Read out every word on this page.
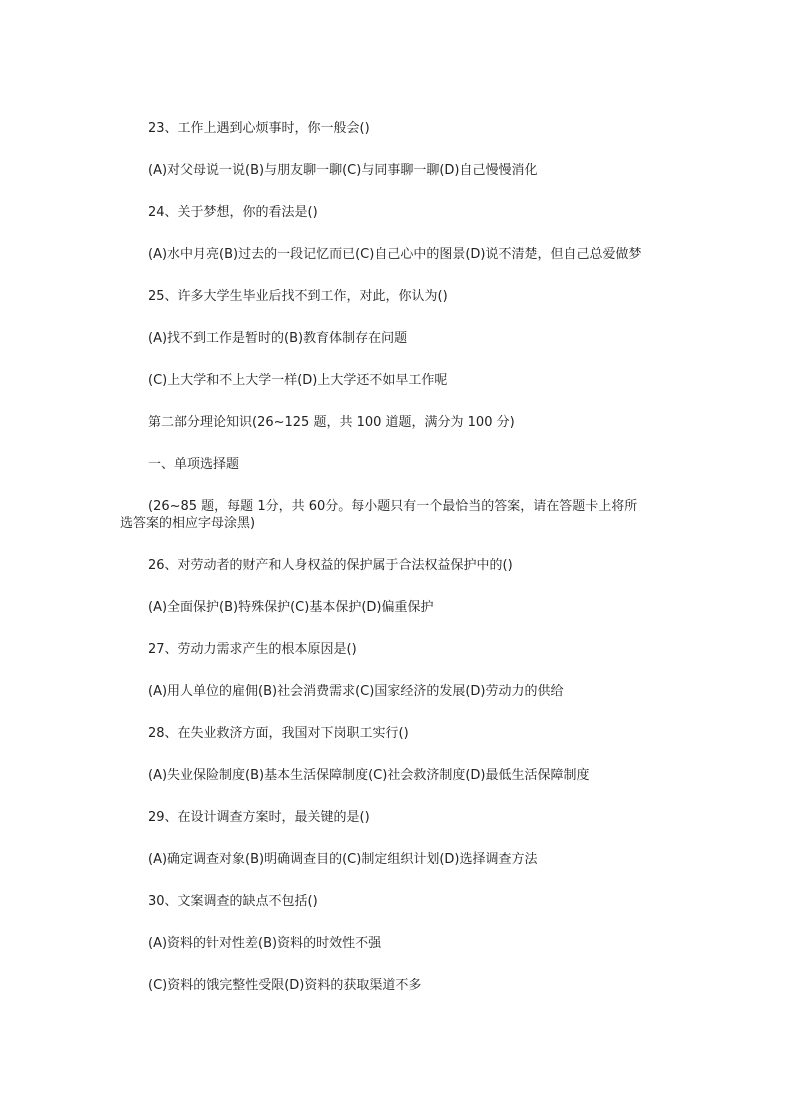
23、工作上遇到心烦事时，你一般会()

(A)对父母说一说(B)与朋友聊一聊(C)与同事聊一聊(D)自己慢慢消化

24、关于梦想，你的看法是()

(A)水中月亮(B)过去的一段记忆而已(C)自己心中的图景(D)说不清楚，但自己总爱做梦

25、许多大学生毕业后找不到工作，对此，你认为()

(A)找不到工作是暂时的(B)教育体制存在问题

(C)上大学和不上大学一样(D)上大学还不如早工作呢

第二部分理论知识(26~125 题，共 100 道题，满分为 100 分)

一、单项选择题

(26~85 题，每题 1分，共 60分。每小题只有一个最恰当的答案，请在答题卡上将所选答案的相应字母涂黑)

26、对劳动者的财产和人身权益的保护属于合法权益保护中的()

(A)全面保护(B)特殊保护(C)基本保护(D)偏重保护

27、劳动力需求产生的根本原因是()

(A)用人单位的雇佣(B)社会消费需求(C)国家经济的发展(D)劳动力的供给

28、在失业救济方面，我国对下岗职工实行()

(A)失业保险制度(B)基本生活保障制度(C)社会救济制度(D)最低生活保障制度

29、在设计调查方案时，最关键的是()

(A)确定调查对象(B)明确调查目的(C)制定组织计划(D)选择调查方法

30、文案调查的缺点不包括()

(A)资料的针对性差(B)资料的时效性不强

(C)资料的饿完整性受限(D)资料的获取渠道不多
